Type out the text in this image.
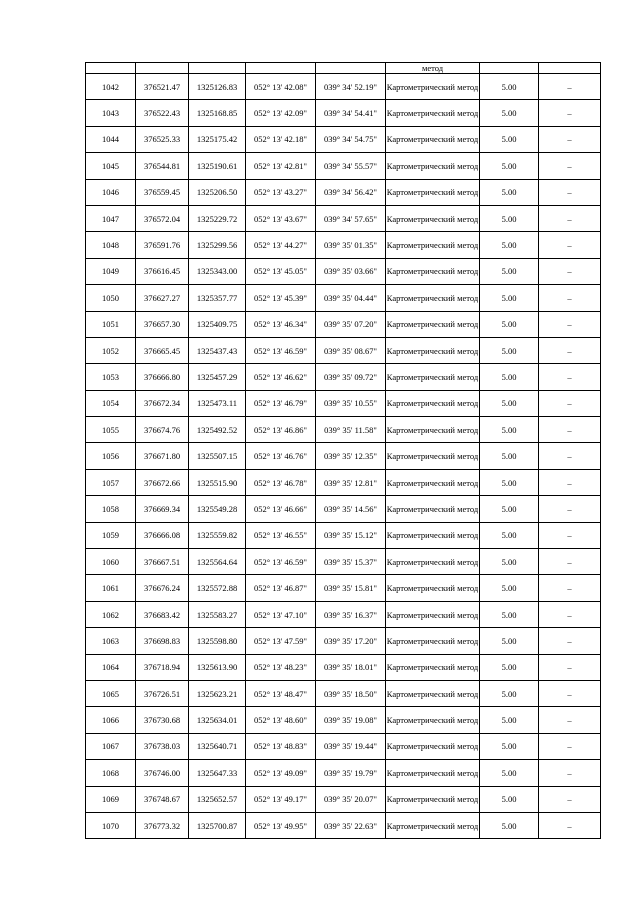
					метод		
1042	376521.47	1325126.83	052° 13' 42.08"	039° 34' 52.19"	Картометрический метод	5.00	–
1043	376522.43	1325168.85	052° 13' 42.09"	039° 34' 54.41"	Картометрический метод	5.00	–
1044	376525.33	1325175.42	052° 13' 42.18"	039° 34' 54.75"	Картометрический метод	5.00	–
1045	376544.81	1325190.61	052° 13' 42.81"	039° 34' 55.57"	Картометрический метод	5.00	–
1046	376559.45	1325206.50	052° 13' 43.27"	039° 34' 56.42"	Картометрический метод	5.00	–
1047	376572.04	1325229.72	052° 13' 43.67"	039° 34' 57.65"	Картометрический метод	5.00	–
1048	376591.76	1325299.56	052° 13' 44.27"	039° 35' 01.35"	Картометрический метод	5.00	–
1049	376616.45	1325343.00	052° 13' 45.05"	039° 35' 03.66"	Картометрический метод	5.00	–
1050	376627.27	1325357.77	052° 13' 45.39"	039° 35' 04.44"	Картометрический метод	5.00	–
1051	376657.30	1325409.75	052° 13' 46.34"	039° 35' 07.20"	Картометрический метод	5.00	–
1052	376665.45	1325437.43	052° 13' 46.59"	039° 35' 08.67"	Картометрический метод	5.00	–
1053	376666.80	1325457.29	052° 13' 46.62"	039° 35' 09.72"	Картометрический метод	5.00	–
1054	376672.34	1325473.11	052° 13' 46.79"	039° 35' 10.55"	Картометрический метод	5.00	–
1055	376674.76	1325492.52	052° 13' 46.86"	039° 35' 11.58"	Картометрический метод	5.00	–
1056	376671.80	1325507.15	052° 13' 46.76"	039° 35' 12.35"	Картометрический метод	5.00	–
1057	376672.66	1325515.90	052° 13' 46.78"	039° 35' 12.81"	Картометрический метод	5.00	–
1058	376669.34	1325549.28	052° 13' 46.66"	039° 35' 14.56"	Картометрический метод	5.00	–
1059	376666.08	1325559.82	052° 13' 46.55"	039° 35' 15.12"	Картометрический метод	5.00	–
1060	376667.51	1325564.64	052° 13' 46.59"	039° 35' 15.37"	Картометрический метод	5.00	–
1061	376676.24	1325572.88	052° 13' 46.87"	039° 35' 15.81"	Картометрический метод	5.00	–
1062	376683.42	1325583.27	052° 13' 47.10"	039° 35' 16.37"	Картометрический метод	5.00	–
1063	376698.83	1325598.80	052° 13' 47.59"	039° 35' 17.20"	Картометрический метод	5.00	–
1064	376718.94	1325613.90	052° 13' 48.23"	039° 35' 18.01"	Картометрический метод	5.00	–
1065	376726.51	1325623.21	052° 13' 48.47"	039° 35' 18.50"	Картометрический метод	5.00	–
1066	376730.68	1325634.01	052° 13' 48.60"	039° 35' 19.08"	Картометрический метод	5.00	–
1067	376738.03	1325640.71	052° 13' 48.83"	039° 35' 19.44"	Картометрический метод	5.00	–
1068	376746.00	1325647.33	052° 13' 49.09"	039° 35' 19.79"	Картометрический метод	5.00	–
1069	376748.67	1325652.57	052° 13' 49.17"	039° 35' 20.07"	Картометрический метод	5.00	–
1070	376773.32	1325700.87	052° 13' 49.95"	039° 35' 22.63"	Картометрический метод	5.00	–
